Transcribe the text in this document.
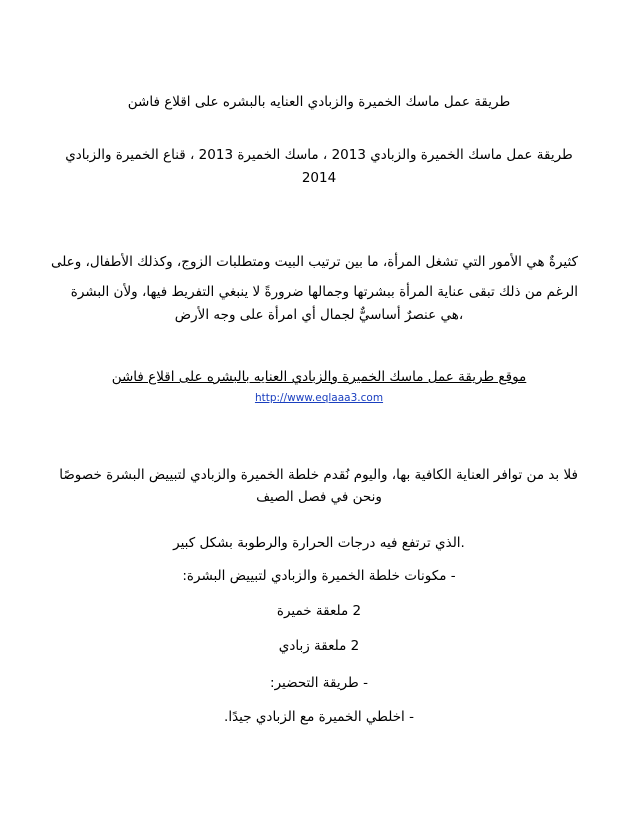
طريقة عمل ماسك الخميرة والزبادي العنايه بالبشره على اقلاع فاشن
طريقة عمل ماسك الخميرة والزبادي 2013 ، ماسك الخميرة 2013 ، قناع الخميرة والزبادي
2014
كثيرةٌ هي الأمور التي تشغل المرأة، ما بين ترتيب البيت ومتطلبات الزوج، وكذلك الأطفال، وعلى
الرغم من ذلك تبقى عناية المرأة ببشرتها وجمالها ضرورةً لا ينبغي التفريط فيها، ولأن البشرة
،هي عنصرٌ أساسيٌّ لجمال أي امرأة على وجه الأرض
موقع طريقة عمل ماسك الخميرة والزبادي العنايه بالبشره على اقلاع فاشن
http://www.eqlaaa3.com
فلا بد من توافر العناية الكافية بها، واليوم نُقدم خلطة الخميرة والزبادي لتبييض البشرة خصوصًا
ونحن في فصل الصيف
.الذي ترتفع فيه درجات الحرارة والرطوبة بشكل كبير
- مكونات خلطة الخميرة والزبادي لتبييض البشرة:
2 ملعقة خميرة
2 ملعقة زبادي
- طريقة التحضير:
- اخلطي الخميرة مع الزبادي جيدًا.
